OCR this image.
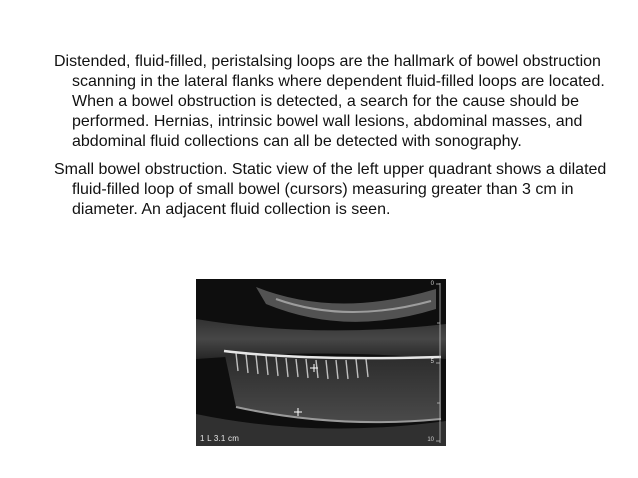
Distended, fluid-filled, peristalsing loops are the hallmark of bowel obstruction scanning in the lateral flanks where dependent fluid-filled loops are located. When a bowel obstruction is detected, a search for the cause should be performed. Hernias, intrinsic bowel wall lesions, abdominal masses, and abdominal fluid collections can all be detected with sonography.
Small bowel obstruction. Static view of the left upper quadrant shows a dilated fluid-filled loop of small bowel (cursors) measuring greater than 3 cm in diameter. An adjacent fluid collection is seen.
0
5
10
1 L 3.1 cm
